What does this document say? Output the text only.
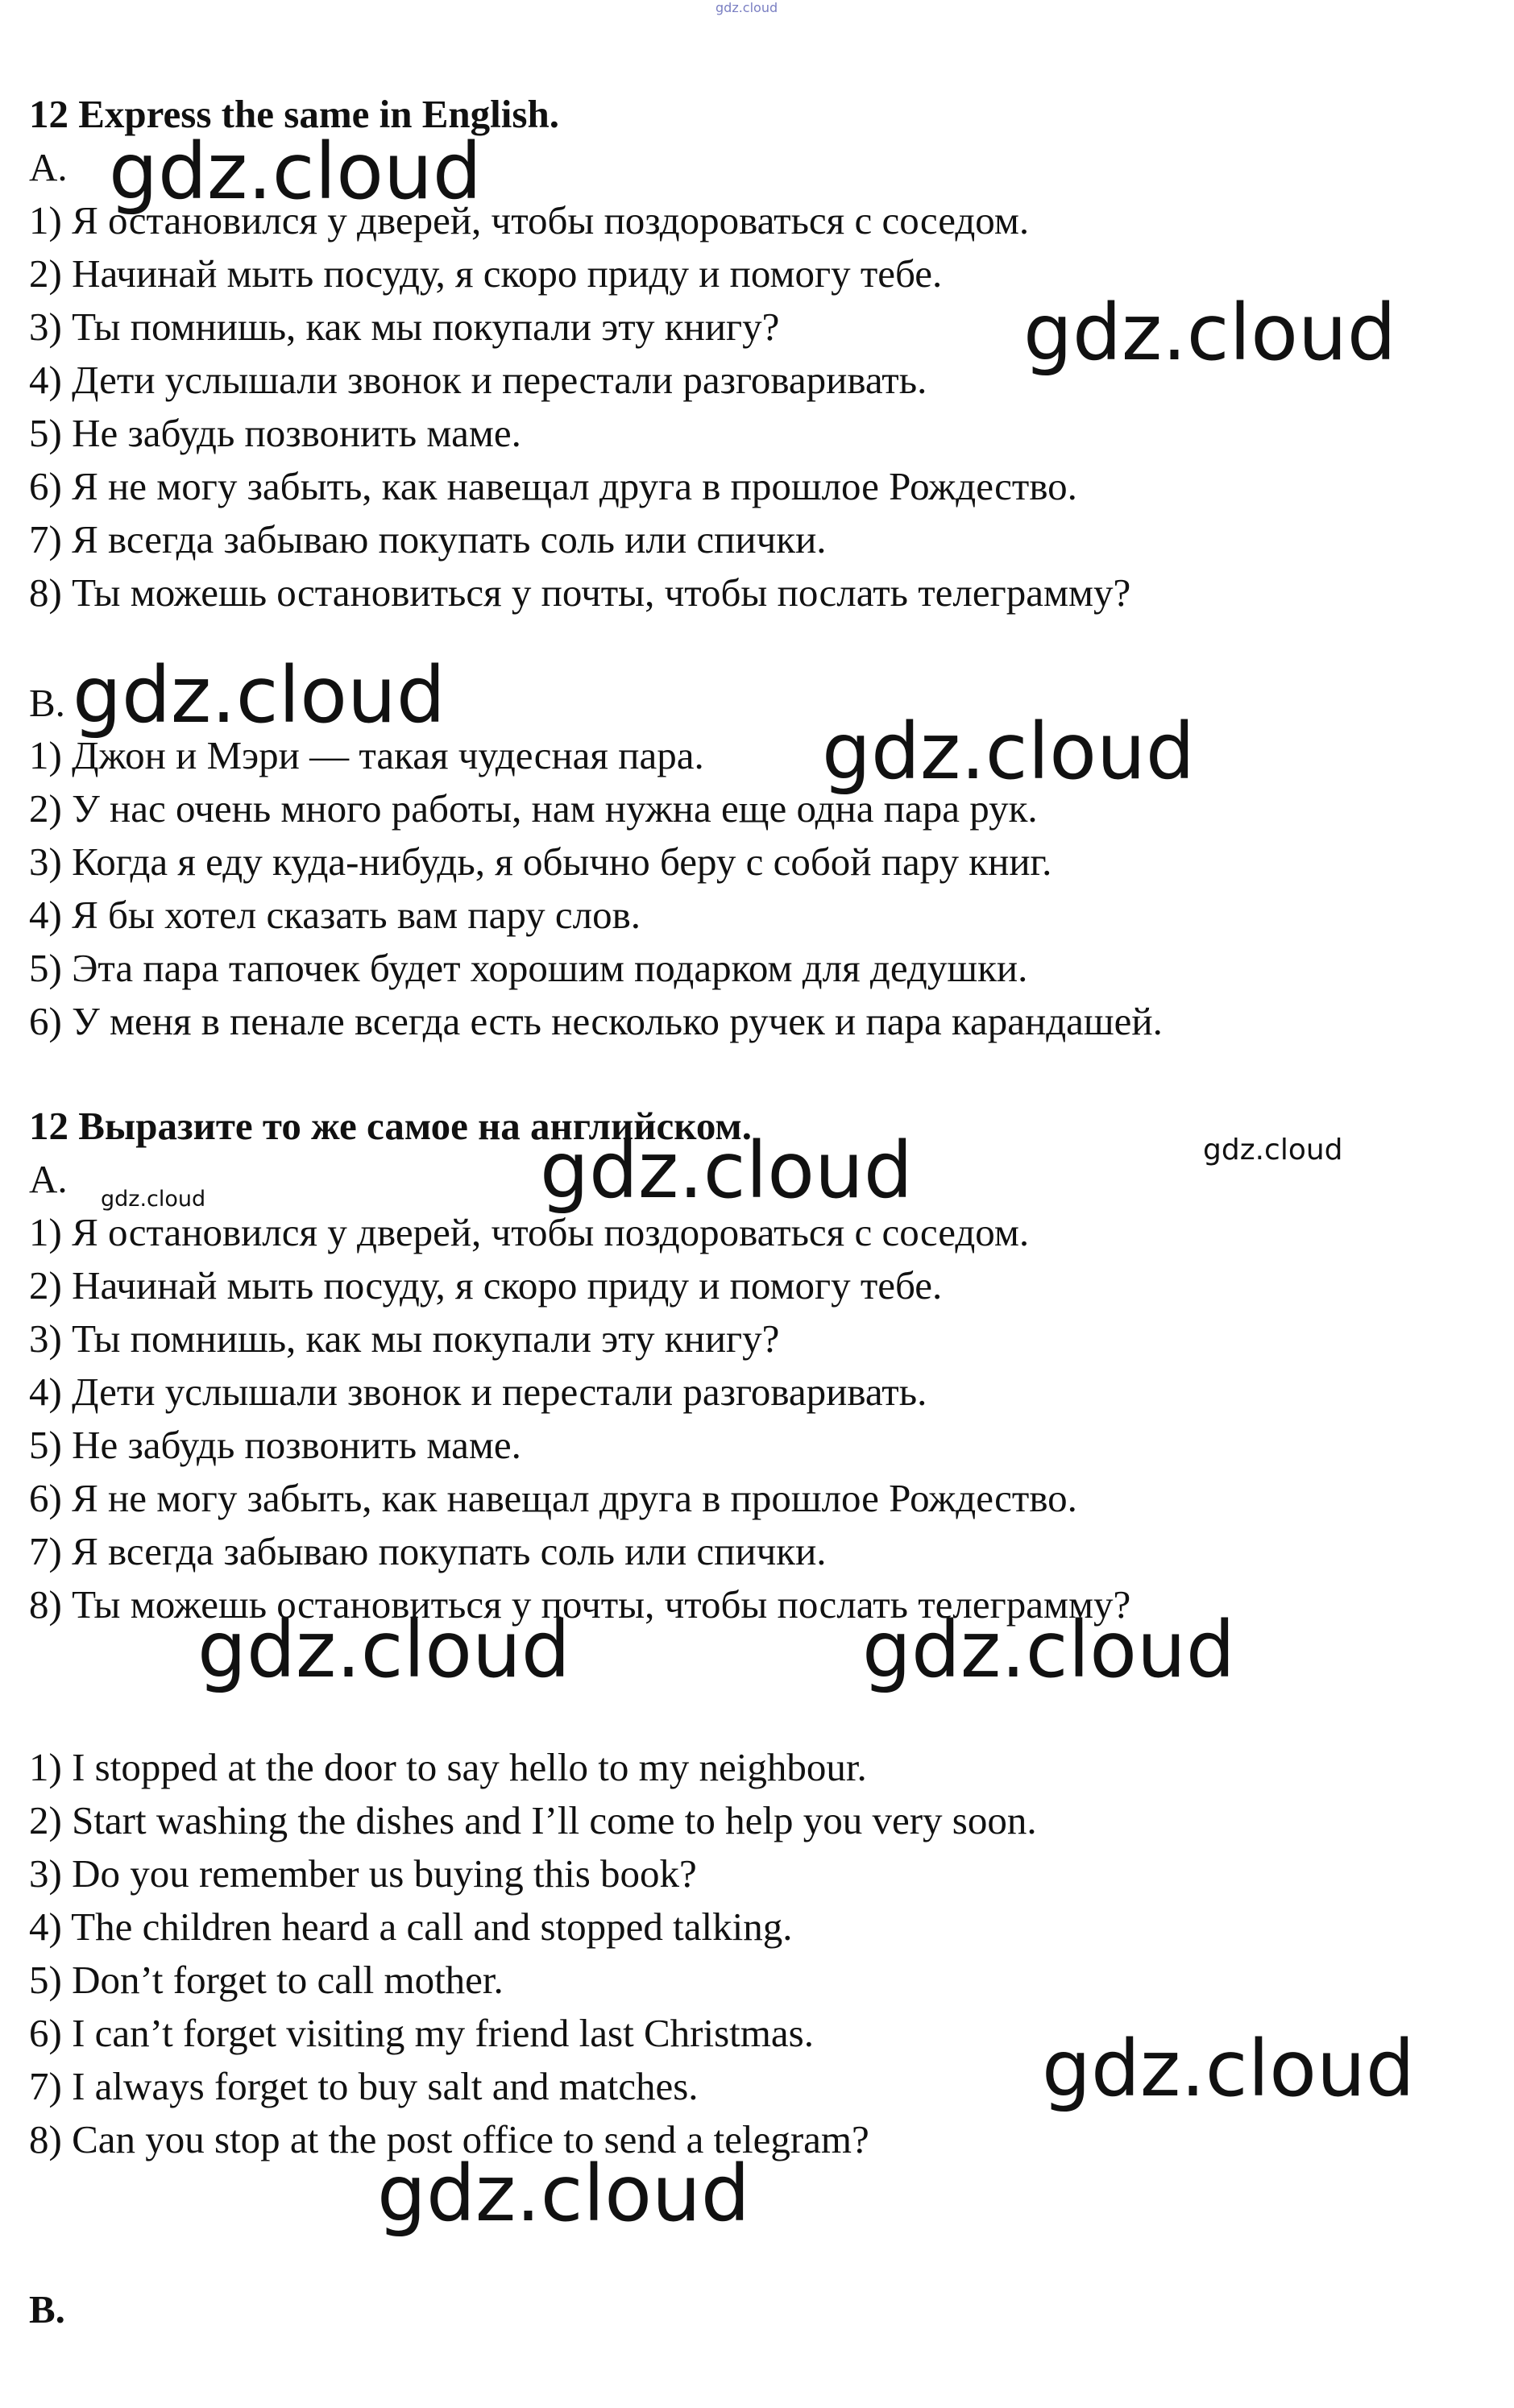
12 Express the same in English.
A.
1) Я остановился у дверей, чтобы поздороваться с соседом.
2) Начинай мыть посуду, я скоро приду и помогу тебе.
3) Ты помнишь, как мы покупали эту книгу?
4) Дети услышали звонок и перестали разговаривать.
5) Не забудь позвонить маме.
6) Я не могу забыть, как навещал друга в прошлое Рождество.
7) Я всегда забываю покупать соль или спички.
8) Ты можешь остановиться у почты, чтобы послать телеграмму?
B.
1) Джон и Мэри — такая чудесная пара.
2) У нас очень много работы, нам нужна еще одна пара рук.
3) Когда я еду куда-нибудь, я обычно беру с собой пару книг.
4) Я бы хотел сказать вам пару слов.
5) Эта пара тапочек будет хорошим подарком для дедушки.
6) У меня в пенале всегда есть несколько ручек и пара карандашей.
12 Выразите то же самое на английском.
A.
1) Я остановился у дверей, чтобы поздороваться с соседом.
2) Начинай мыть посуду, я скоро приду и помогу тебе.
3) Ты помнишь, как мы покупали эту книгу?
4) Дети услышали звонок и перестали разговаривать.
5) Не забудь позвонить маме.
6) Я не могу забыть, как навещал друга в прошлое Рождество.
7) Я всегда забываю покупать соль или спички.
8) Ты можешь остановиться у почты, чтобы послать телеграмму?
1) I stopped at the door to say hello to my neighbour.
2) Start washing the dishes and I’ll come to help you very soon.
3) Do you remember us buying this book?
4) The children heard a call and stopped talking.
5) Don’t forget to call mother.
6) I can’t forget visiting my friend last Christmas.
7) I always forget to buy salt and matches.
8) Can you stop at the post office to send a telegram?
B.
gdz.cloud
gdz.cloud
gdz.cloud
gdz.cloud
gdz.cloud
gdz.cloud	gdz.cloud
gdz.cloud
gdz.cloud	gdz.cloud
gdz.cloud
gdz.cloud
